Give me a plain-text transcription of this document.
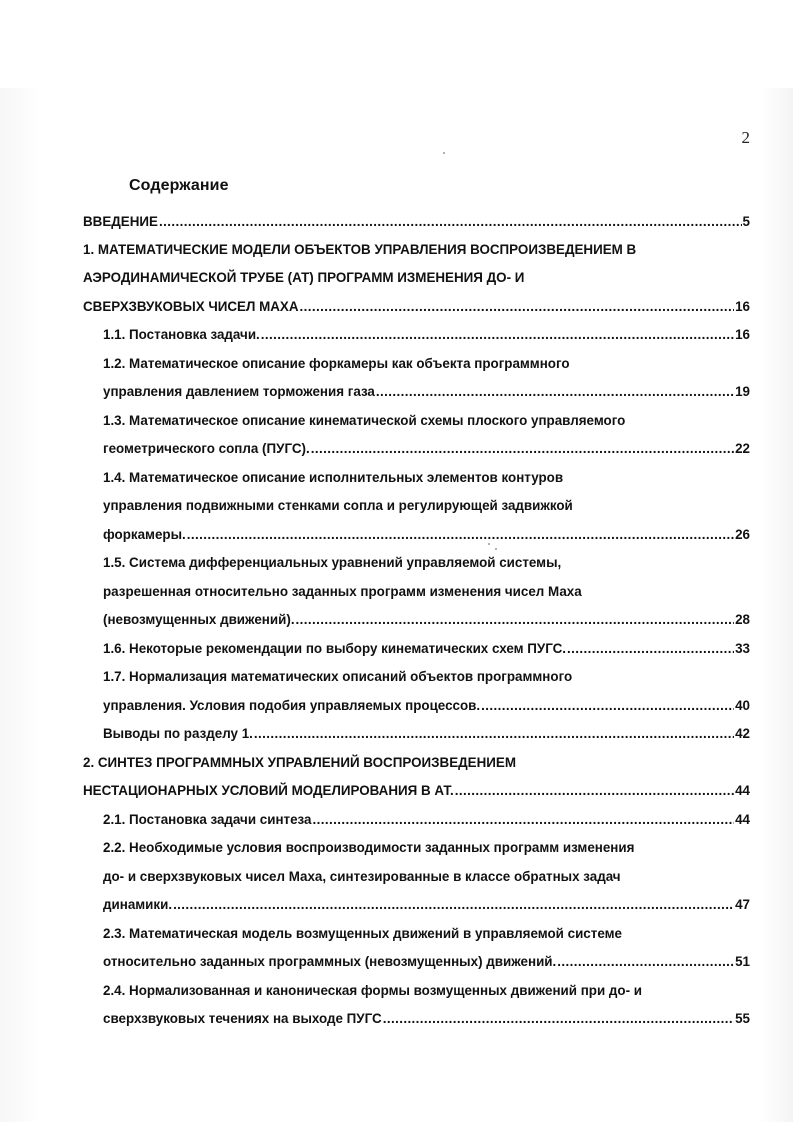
2
Содержание
ВВЕДЕНИЕ .....	5
1. МАТЕМАТИЧЕСКИЕ МОДЕЛИ ОБЪЕКТОВ УПРАВЛЕНИЯ ВОСПРОИЗВЕДЕНИЕМ В
АЭРОДИНАМИЧЕСКОЙ ТРУБЕ (АТ) ПРОГРАММ ИЗМЕНЕНИЯ ДО- И
СВЕРХЗВУКОВЫХ ЧИСЕЛ МАХА .....	16
1.1. Постановка задачи. .....	16
1.2. Математическое описание форкамеры как объекта программного
управления давлением торможения газа .....	19
1.3. Математическое описание кинематической схемы плоского управляемого
геометрического сопла (ПУГС). .....	22
1.4. Математическое описание исполнительных элементов контуров
управления подвижными стенками сопла и регулирующей задвижкой
форкамеры. .....	26
1.5. Система дифференциальных уравнений управляемой системы,
разрешенная относительно заданных программ изменения чисел Маха
(невозмущенных движений). .....	28
1.6. Некоторые рекомендации по выбору кинематических схем ПУГС. .....	33
1.7. Нормализация математических описаний объектов программного
управления. Условия подобия управляемых процессов. .....	40
Выводы по разделу 1. .....	42
2. СИНТЕЗ ПРОГРАММНЫХ УПРАВЛЕНИЙ ВОСПРОИЗВЕДЕНИЕМ
НЕСТАЦИОНАРНЫХ УСЛОВИЙ МОДЕЛИРОВАНИЯ В АТ. .....	44
2.1. Постановка задачи синтеза .....	44
2.2. Необходимые условия воспроизводимости заданных программ изменения
до- и сверхзвуковых чисел Маха, синтезированные в классе обратных задач
динамики. .....	47
2.3. Математическая модель возмущенных движений в управляемой системе
относительно заданных программных (невозмущенных) движений. .....	51
2.4. Нормализованная и каноническая формы возмущенных движений при до- и
сверхзвуковых течениях на выходе ПУГС .....	55
